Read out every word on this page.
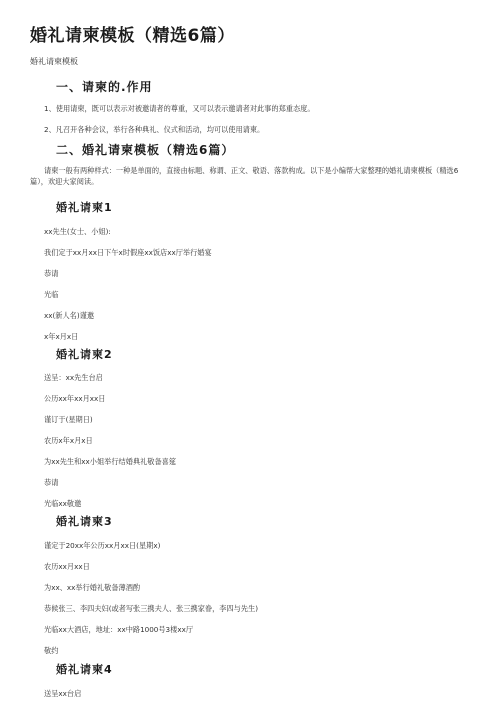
婚礼请柬模板（精选6篇）
婚礼请柬模板
一、请柬的.作用

1、使用请柬，既可以表示对被邀请者的尊重，又可以表示邀请者对此事的郑重态度。

2、凡召开各种会议，举行各种典礼、仪式和活动，均可以使用请柬。

二、婚礼请柬模板（精选6篇）

请柬一般有两种样式：一种是单面的，直接由标题、称谓、正文、敬语、落款构成。以下是小编帮大家整理的婚礼请柬模板（精选6篇），欢迎大家阅读。

婚礼请柬1

xx先生(女士、小姐):

我们定于xx月xx日下午x时假座xx饭店xx厅举行婚宴

恭请

光临

xx(新人名)谨邀

x年x月x日

婚礼请柬2

送呈：xx先生台启

公历xx年xx月xx日

谨订于(星期日)

农历x年x月x日

为xx先生和xx小姐举行结婚典礼敬备喜筵

恭请

光临xx敬邀

婚礼请柬3

谨定于20xx年公历xx月xx日(星期x)

农历xx月xx日

为xx、xx举行婚礼敬备薄酒酌

恭候张三、李四夫妇(或者写张三携夫人、张三携家眷，李四与先生)

光临xx大酒店，地址：xx中路1000号3楼xx厅

敬约

婚礼请柬4

送呈xx台启
